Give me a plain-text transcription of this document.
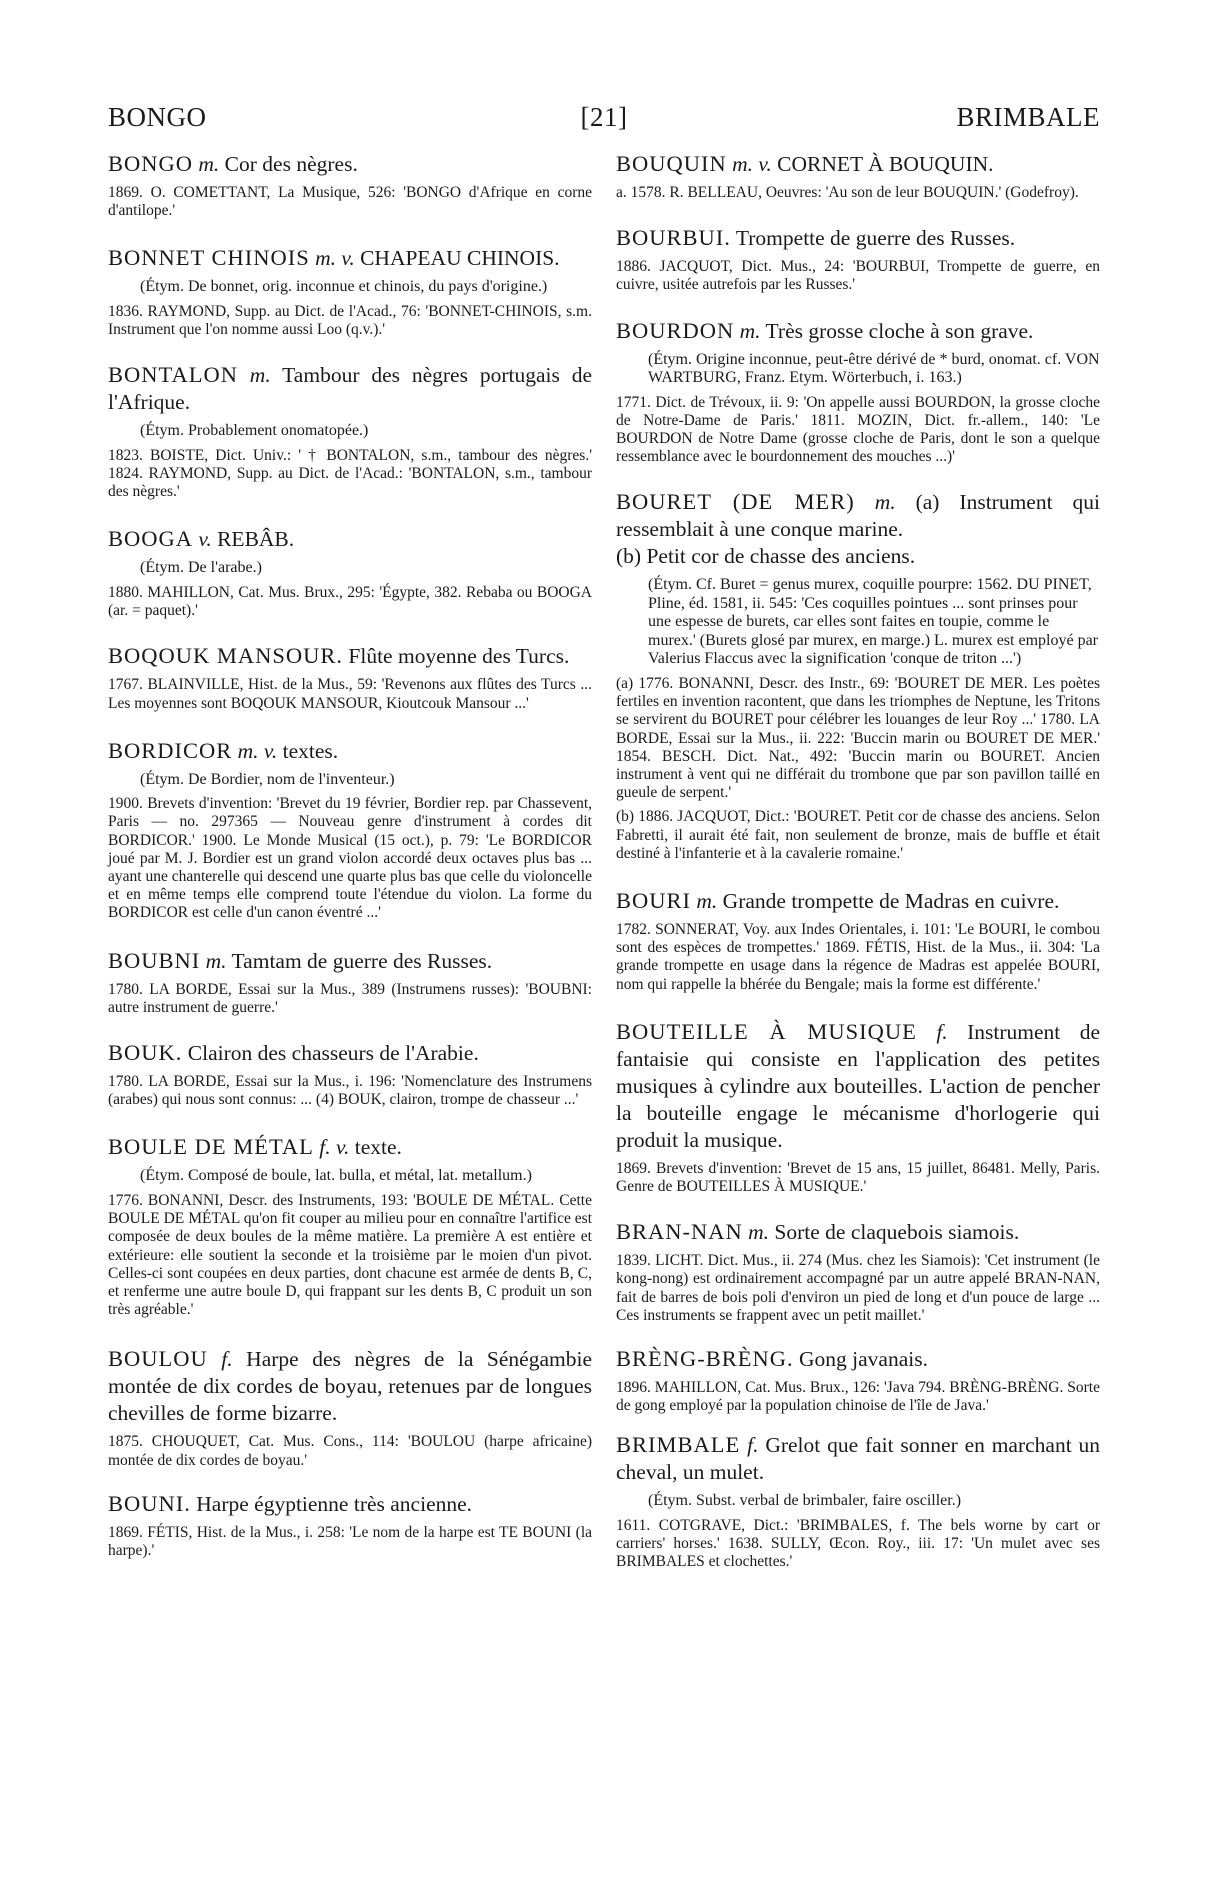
BONGO	[21]	BRIMBALE

BONGO m. Cor des nègres.

1869. O. COMETTANT, La Musique, 526: 'BONGO d'Afrique en corne d'antilope.'

BONNET CHINOIS m. v. CHAPEAU CHINOIS.

(Étym. De bonnet, orig. inconnue et chinois, du pays d'origine.)

1836. RAYMOND, Supp. au Dict. de l'Acad., 76: 'BONNET-CHINOIS, s.m. Instrument que l'on nomme aussi Loo (q.v.).'

BONTALON m. Tambour des nègres portugais de l'Afrique.

(Étym. Probablement onomatopée.)

1823. BOISTE, Dict. Univ.: ' † BONTALON, s.m., tambour des nègres.' 1824. RAYMOND, Supp. au Dict. de l'Acad.: 'BONTALON, s.m., tambour des nègres.'

BOOGA v. REBÂB.

(Étym. De l'arabe.)

1880. MAHILLON, Cat. Mus. Brux., 295: 'Égypte, 382. Rebaba ou BOOGA (ar. = paquet).'

BOQOUK MANSOUR. Flûte moyenne des Turcs.

1767. BLAINVILLE, Hist. de la Mus., 59: 'Revenons aux flûtes des Turcs ... Les moyennes sont BOQOUK MANSOUR, Kioutcouk Mansour ...'

BORDICOR m. v. textes.

(Étym. De Bordier, nom de l'inventeur.)

1900. Brevets d'invention: 'Brevet du 19 février, Bordier rep. par Chassevent, Paris — no. 297365 — Nouveau genre d'instrument à cordes dit BORDICOR.' 1900. Le Monde Musical (15 oct.), p. 79: 'Le BORDICOR joué par M. J. Bordier est un grand violon accordé deux octaves plus bas ... ayant une chanterelle qui descend une quarte plus bas que celle du violoncelle et en même temps elle comprend toute l'étendue du violon. La forme du BORDICOR est celle d'un canon éventré ...'

BOUBNI m. Tamtam de guerre des Russes.

1780. LA BORDE, Essai sur la Mus., 389 (Instrumens russes): 'BOUBNI: autre instrument de guerre.'

BOUK. Clairon des chasseurs de l'Arabie.

1780. LA BORDE, Essai sur la Mus., i. 196: 'Nomenclature des Instrumens (arabes) qui nous sont connus: ... (4) BOUK, clairon, trompe de chasseur ...'

BOULE DE MÉTAL f. v. texte.

(Étym. Composé de boule, lat. bulla, et métal, lat. metallum.)

1776. BONANNI, Descr. des Instruments, 193: 'BOULE DE MÉTAL. Cette BOULE DE MÉTAL qu'on fit couper au milieu pour en connaître l'artifice est composée de deux boules de la même matière. La première A est entière et extérieure: elle soutient la seconde et la troisième par le moien d'un pivot. Celles-ci sont coupées en deux parties, dont chacune est armée de dents B, C, et renferme une autre boule D, qui frappant sur les dents B, C produit un son très agréable.'

BOULOU f. Harpe des nègres de la Sénégambie montée de dix cordes de boyau, retenues par de longues chevilles de forme bizarre.

1875. CHOUQUET, Cat. Mus. Cons., 114: 'BOULOU (harpe africaine) montée de dix cordes de boyau.'

BOUNI. Harpe égyptienne très ancienne.

1869. FÉTIS, Hist. de la Mus., i. 258: 'Le nom de la harpe est TE BOUNI (la harpe).'

BOUQUIN m. v. CORNET À BOUQUIN.

a. 1578. R. BELLEAU, Oeuvres: 'Au son de leur BOUQUIN.' (Godefroy).

BOURBUI. Trompette de guerre des Russes.

1886. JACQUOT, Dict. Mus., 24: 'BOURBUI, Trompette de guerre, en cuivre, usitée autrefois par les Russes.'

BOURDON m. Très grosse cloche à son grave.

(Étym. Origine inconnue, peut-être dérivé de * burd, onomat. cf. VON WARTBURG, Franz. Etym. Wörterbuch, i. 163.)

1771. Dict. de Trévoux, ii. 9: 'On appelle aussi BOURDON, la grosse cloche de Notre-Dame de Paris.' 1811. MOZIN, Dict. fr.-allem., 140: 'Le BOURDON de Notre Dame (grosse cloche de Paris, dont le son a quelque ressemblance avec le bourdonnement des mouches ...)'

BOURET (DE MER) m. (a) Instrument qui ressemblait à une conque marine.

(b) Petit cor de chasse des anciens.

(Étym. Cf. Buret = genus murex, coquille pourpre: 1562. DU PINET, Pline, éd. 1581, ii. 545: 'Ces coquilles pointues ... sont prinses pour une espesse de burets, car elles sont faites en toupie, comme le murex.' (Burets glosé par murex, en marge.) L. murex est employé par Valerius Flaccus avec la signification 'conque de triton ...')

(a) 1776. BONANNI, Descr. des Instr., 69: 'BOURET DE MER. Les poètes fertiles en invention racontent, que dans les triomphes de Neptune, les Tritons se servirent du BOURET pour célébrer les louanges de leur Roy ...' 1780. LA BORDE, Essai sur la Mus., ii. 222: 'Buccin marin ou BOURET DE MER.' 1854. BESCH. Dict. Nat., 492: 'Buccin marin ou BOURET. Ancien instrument à vent qui ne différait du trombone que par son pavillon taillé en gueule de serpent.'

(b) 1886. JACQUOT, Dict.: 'BOURET. Petit cor de chasse des anciens. Selon Fabretti, il aurait été fait, non seulement de bronze, mais de buffle et était destiné à l'infanterie et à la cavalerie romaine.'

BOURI m. Grande trompette de Madras en cuivre.

1782. SONNERAT, Voy. aux Indes Orientales, i. 101: 'Le BOURI, le combou sont des espèces de trompettes.' 1869. FÉTIS, Hist. de la Mus., ii. 304: 'La grande trompette en usage dans la régence de Madras est appelée BOURI, nom qui rappelle la bhérée du Bengale; mais la forme est différente.'

BOUTEILLE À MUSIQUE f. Instrument de fantaisie qui consiste en l'application des petites musiques à cylindre aux bouteilles. L'action de pencher la bouteille engage le mécanisme d'horlogerie qui produit la musique.

1869. Brevets d'invention: 'Brevet de 15 ans, 15 juillet, 86481. Melly, Paris. Genre de BOUTEILLES À MUSIQUE.'

BRAN-NAN m. Sorte de claquebois siamois.

1839. LICHT. Dict. Mus., ii. 274 (Mus. chez les Siamois): 'Cet instrument (le kong-nong) est ordinairement accompagné par un autre appelé BRAN-NAN, fait de barres de bois poli d'environ un pied de long et d'un pouce de large ... Ces instruments se frappent avec un petit maillet.'

BRÈNG-BRÈNG. Gong javanais.

1896. MAHILLON, Cat. Mus. Brux., 126: 'Java 794. BRÈNG-BRÈNG. Sorte de gong employé par la population chinoise de l'île de Java.'

BRIMBALE f. Grelot que fait sonner en marchant un cheval, un mulet.

(Étym. Subst. verbal de brimbaler, faire osciller.)

1611. COTGRAVE, Dict.: 'BRIMBALES, f. The bels worne by cart or carriers' horses.' 1638. SULLY, Œcon. Roy., iii. 17: 'Un mulet avec ses BRIMBALES et clochettes.'
